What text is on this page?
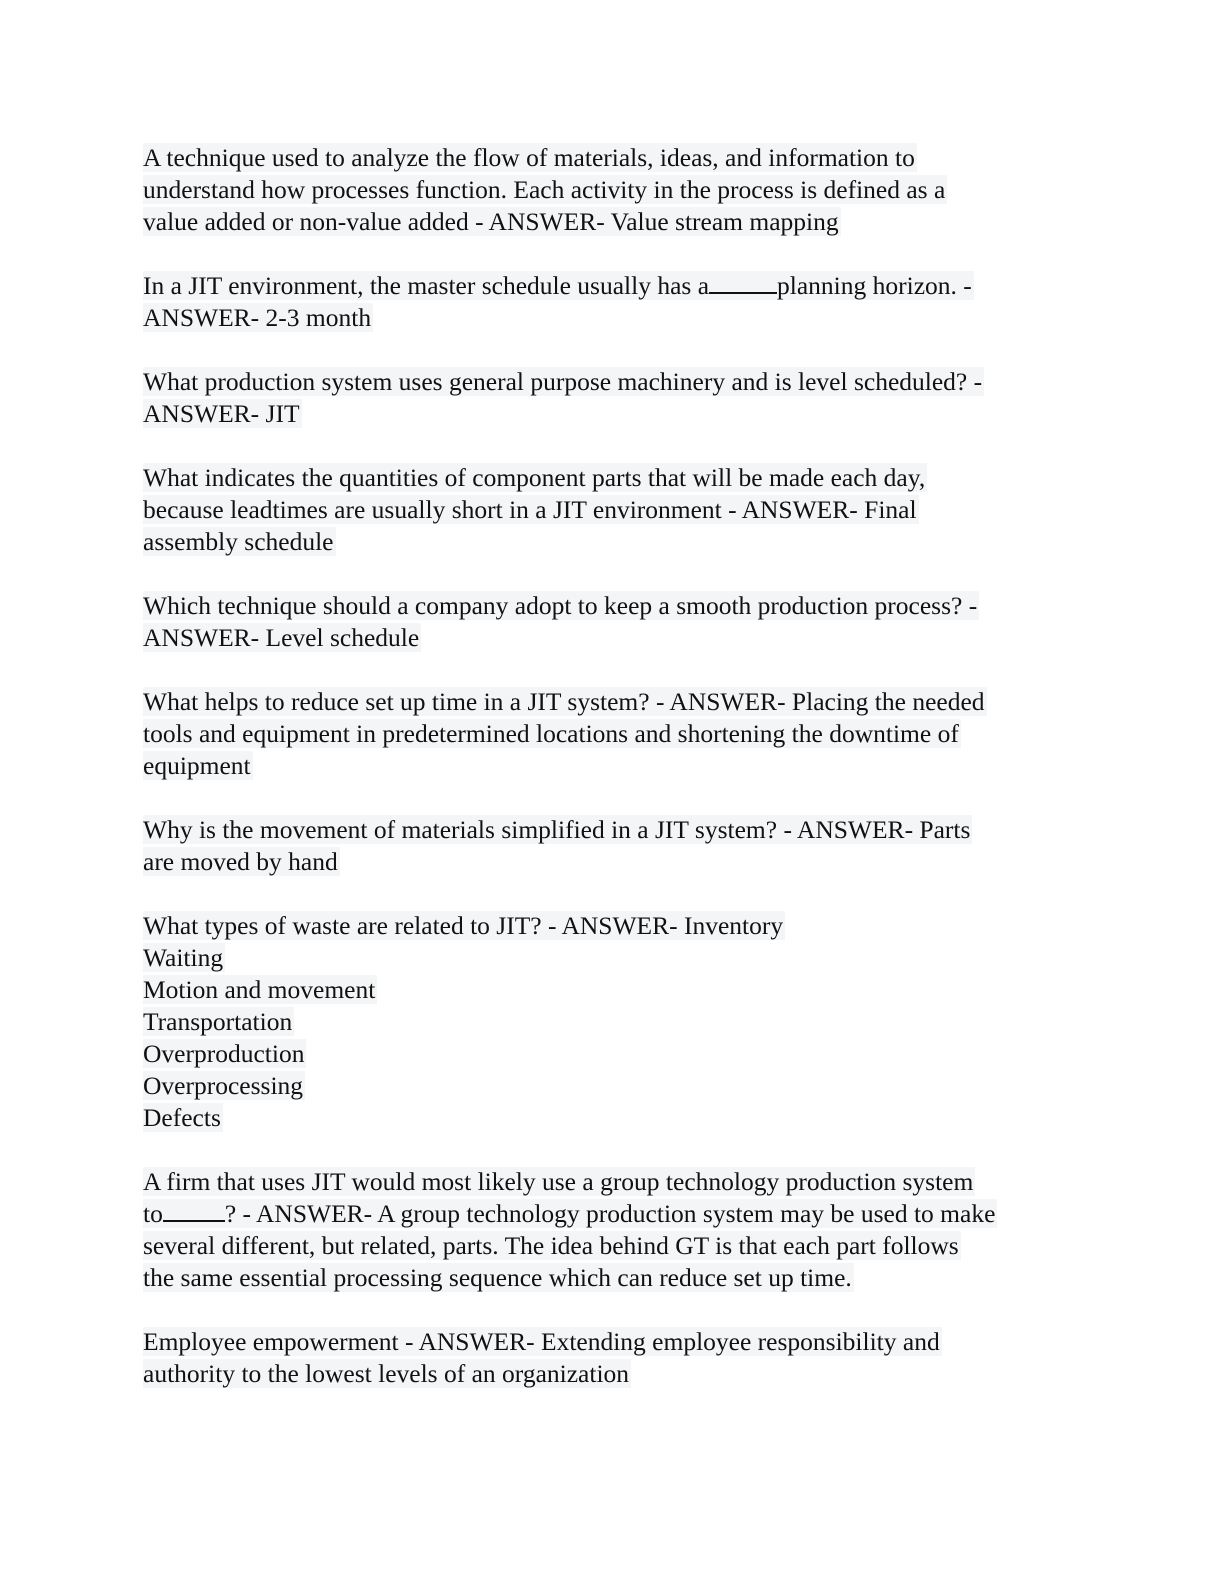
A technique used to analyze the flow of materials, ideas, and information to
understand how processes function. Each activity in the process is defined as a
value added or non-value added - ANSWER- Value stream mapping
In a JIT environment, the master schedule usually has a	planning horizon. -
ANSWER- 2-3 month
What production system uses general purpose machinery and is level scheduled? -
ANSWER- JIT
What indicates the quantities of component parts that will be made each day,
because leadtimes are usually short in a JIT environment - ANSWER- Final
assembly schedule
Which technique should a company adopt to keep a smooth production process? -
ANSWER- Level schedule
What helps to reduce set up time in a JIT system? - ANSWER- Placing the needed
tools and equipment in predetermined locations and shortening the downtime of
equipment
Why is the movement of materials simplified in a JIT system? - ANSWER- Parts
are moved by hand
What types of waste are related to JIT? - ANSWER- Inventory
Waiting
Motion and movement
Transportation
Overproduction
Overprocessing
Defects
A firm that uses JIT would most likely use a group technology production system
to ? - ANSWER- A group technology production system may be used to make
several different, but related, parts. The idea behind GT is that each part follows
the same essential processing sequence which can reduce set up time.
Employee empowerment - ANSWER- Extending employee responsibility and
authority to the lowest levels of an organization
